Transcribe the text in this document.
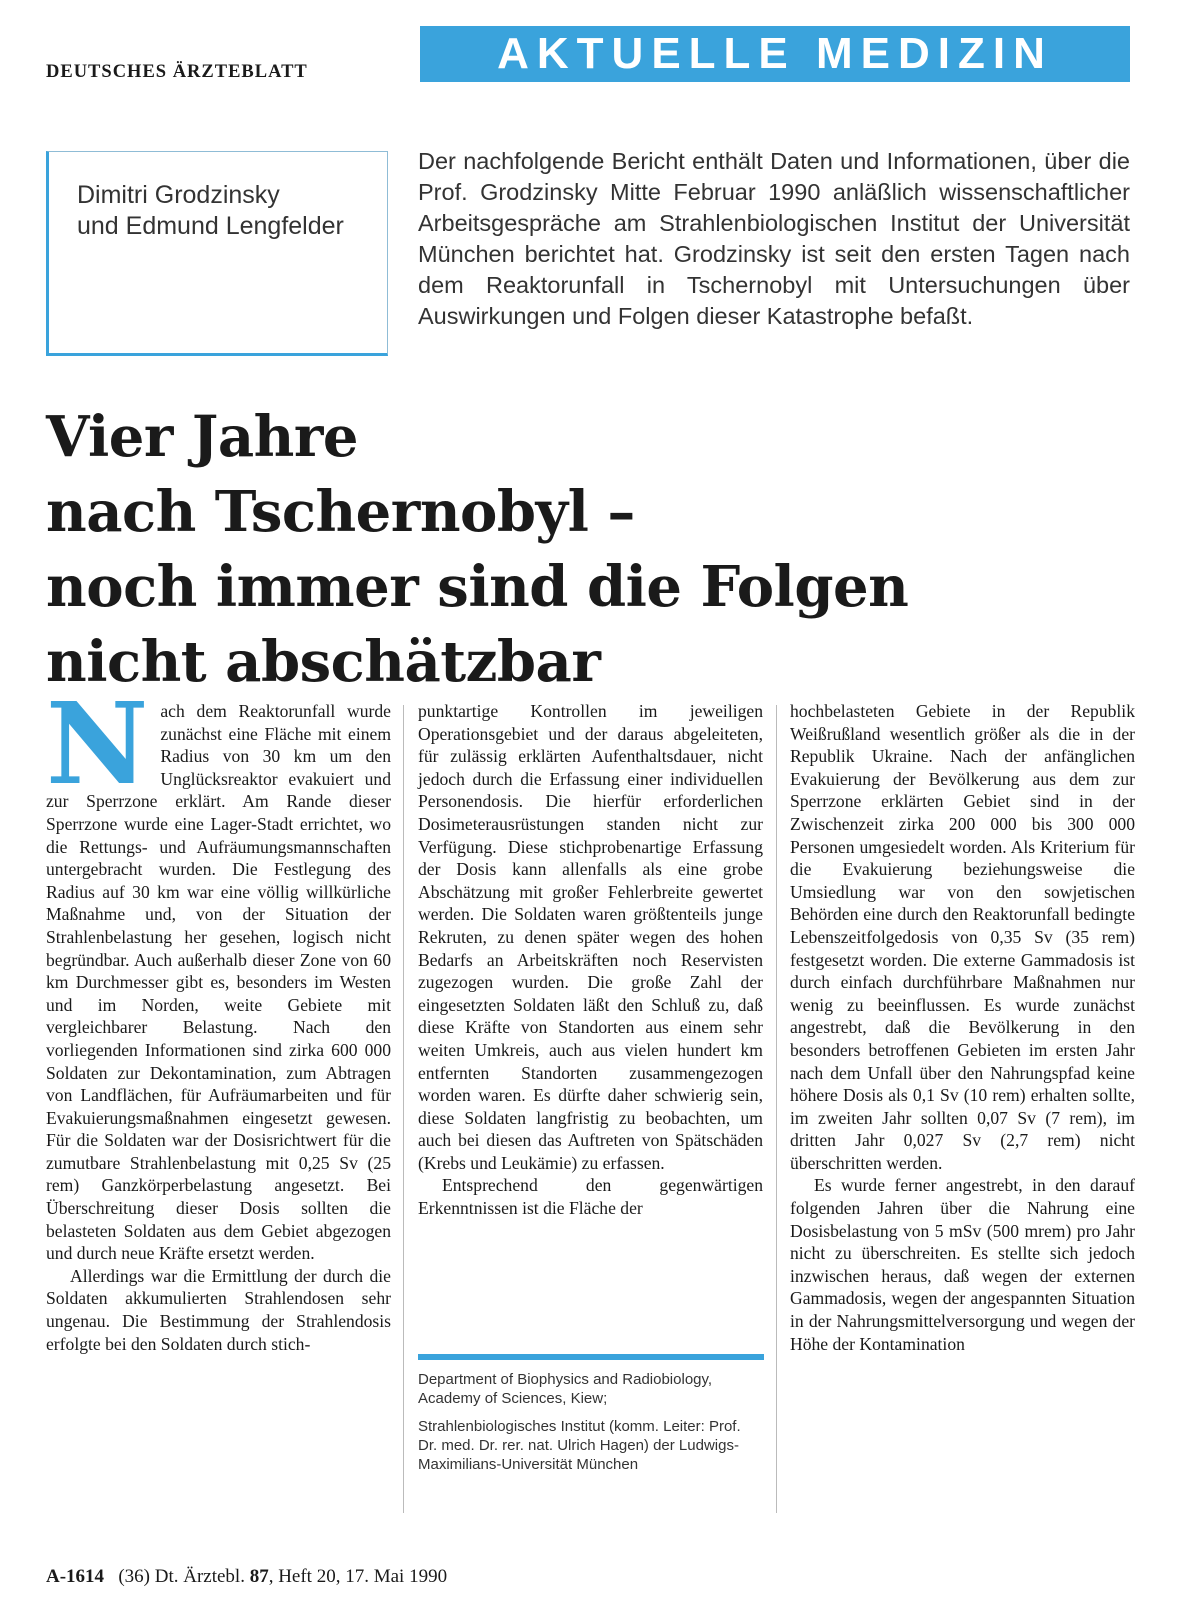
DEUTSCHES ÄRZTEBLATT	AKTUELLE MEDIZIN
Dimitri Grodzinsky
und Edmund Lengfelder

Der nachfolgende Bericht enthält Daten und Informationen, über die Prof. Grodzinsky Mitte Februar 1990 anläßlich wissenschaftlicher Arbeitsgespräche am Strahlenbiologischen Institut der Universität München berichtet hat. Grodzinsky ist seit den ersten Tagen nach dem Reaktorunfall in Tschernobyl mit Untersuchungen über Auswirkungen und Folgen dieser Katastrophe befaßt.

Vier Jahre
nach Tschernobyl –
noch immer sind die Folgen
nicht abschätzbar
N ach dem Reaktorunfall wurde zunächst eine Fläche mit einem Radius von 30 km um den Unglücksreaktor evakuiert und zur Sperrzone erklärt. Am Rande dieser Sperrzone wurde eine Lager-Stadt errichtet, wo die Rettungs- und Aufräumungsmannschaften untergebracht wurden. Die Festlegung des Radius auf 30 km war eine völlig willkürliche Maßnahme und, von der Situation der Strahlenbelastung her gesehen, logisch nicht begründbar. Auch außerhalb dieser Zone von 60 km Durchmesser gibt es, besonders im Westen und im Norden, weite Gebiete mit vergleichbarer Belastung. Nach den vorliegenden Informationen sind zirka 600 000 Soldaten zur Dekontamination, zum Abtragen von Landflächen, für Aufräumarbeiten und für Evakuierungsmaßnahmen eingesetzt gewesen. Für die Soldaten war der Dosisrichtwert für die zumutbare Strahlenbelastung mit 0,25 Sv (25 rem) Ganzkörperbelastung angesetzt. Bei Überschreitung dieser Dosis sollten die belasteten Soldaten aus dem Gebiet abgezogen und durch neue Kräfte ersetzt werden.

Allerdings war die Ermittlung der durch die Soldaten akkumulierten Strahlendosen sehr ungenau. Die Bestimmung der Strahlendosis erfolgte bei den Soldaten durch stich-

punktartige Kontrollen im jeweiligen Operationsgebiet und der daraus abgeleiteten, für zulässig erklärten Aufenthaltsdauer, nicht jedoch durch die Erfassung einer individuellen Personendosis. Die hierfür erforderlichen Dosimeterausrüstungen standen nicht zur Verfügung. Diese stichprobenartige Erfassung der Dosis kann allenfalls als eine grobe Abschätzung mit großer Fehlerbreite gewertet werden. Die Soldaten waren größtenteils junge Rekruten, zu denen später wegen des hohen Bedarfs an Arbeitskräften noch Reservisten zugezogen wurden. Die große Zahl der eingesetzten Soldaten läßt den Schluß zu, daß diese Kräfte von Standorten aus einem sehr weiten Umkreis, auch aus vielen hundert km entfernten Standorten zusammengezogen worden waren. Es dürfte daher schwierig sein, diese Soldaten langfristig zu beobachten, um auch bei diesen das Auftreten von Spätschäden (Krebs und Leukämie) zu erfassen.

Entsprechend den gegenwärtigen Erkenntnissen ist die Fläche der

Department of Biophysics and Radiobiology, Academy of Sciences, Kiew;

Strahlenbiologisches Institut (komm. Leiter: Prof. Dr. med. Dr. rer. nat. Ulrich Hagen) der Ludwigs-Maximilians-Universität München

hochbelasteten Gebiete in der Republik Weißrußland wesentlich größer als die in der Republik Ukraine. Nach der anfänglichen Evakuierung der Bevölkerung aus dem zur Sperrzone erklärten Gebiet sind in der Zwischenzeit zirka 200 000 bis 300 000 Personen umgesiedelt worden. Als Kriterium für die Evakuierung beziehungsweise die Umsiedlung war von den sowjetischen Behörden eine durch den Reaktorunfall bedingte Lebenszeitfolgedosis von 0,35 Sv (35 rem) festgesetzt worden. Die externe Gammadosis ist durch einfach durchführbare Maßnahmen nur wenig zu beeinflussen. Es wurde zunächst angestrebt, daß die Bevölkerung in den besonders betroffenen Gebieten im ersten Jahr nach dem Unfall über den Nahrungspfad keine höhere Dosis als 0,1 Sv (10 rem) erhalten sollte, im zweiten Jahr sollten 0,07 Sv (7 rem), im dritten Jahr 0,027 Sv (2,7 rem) nicht überschritten werden.

Es wurde ferner angestrebt, in den darauf folgenden Jahren über die Nahrung eine Dosisbelastung von 5 mSv (500 mrem) pro Jahr nicht zu überschreiten. Es stellte sich jedoch inzwischen heraus, daß wegen der externen Gammadosis, wegen der angespannten Situation in der Nahrungsmittelversorgung und wegen der Höhe der Kontamination

A-1614 (36) Dt. Ärztebl. 87, Heft 20, 17. Mai 1990
